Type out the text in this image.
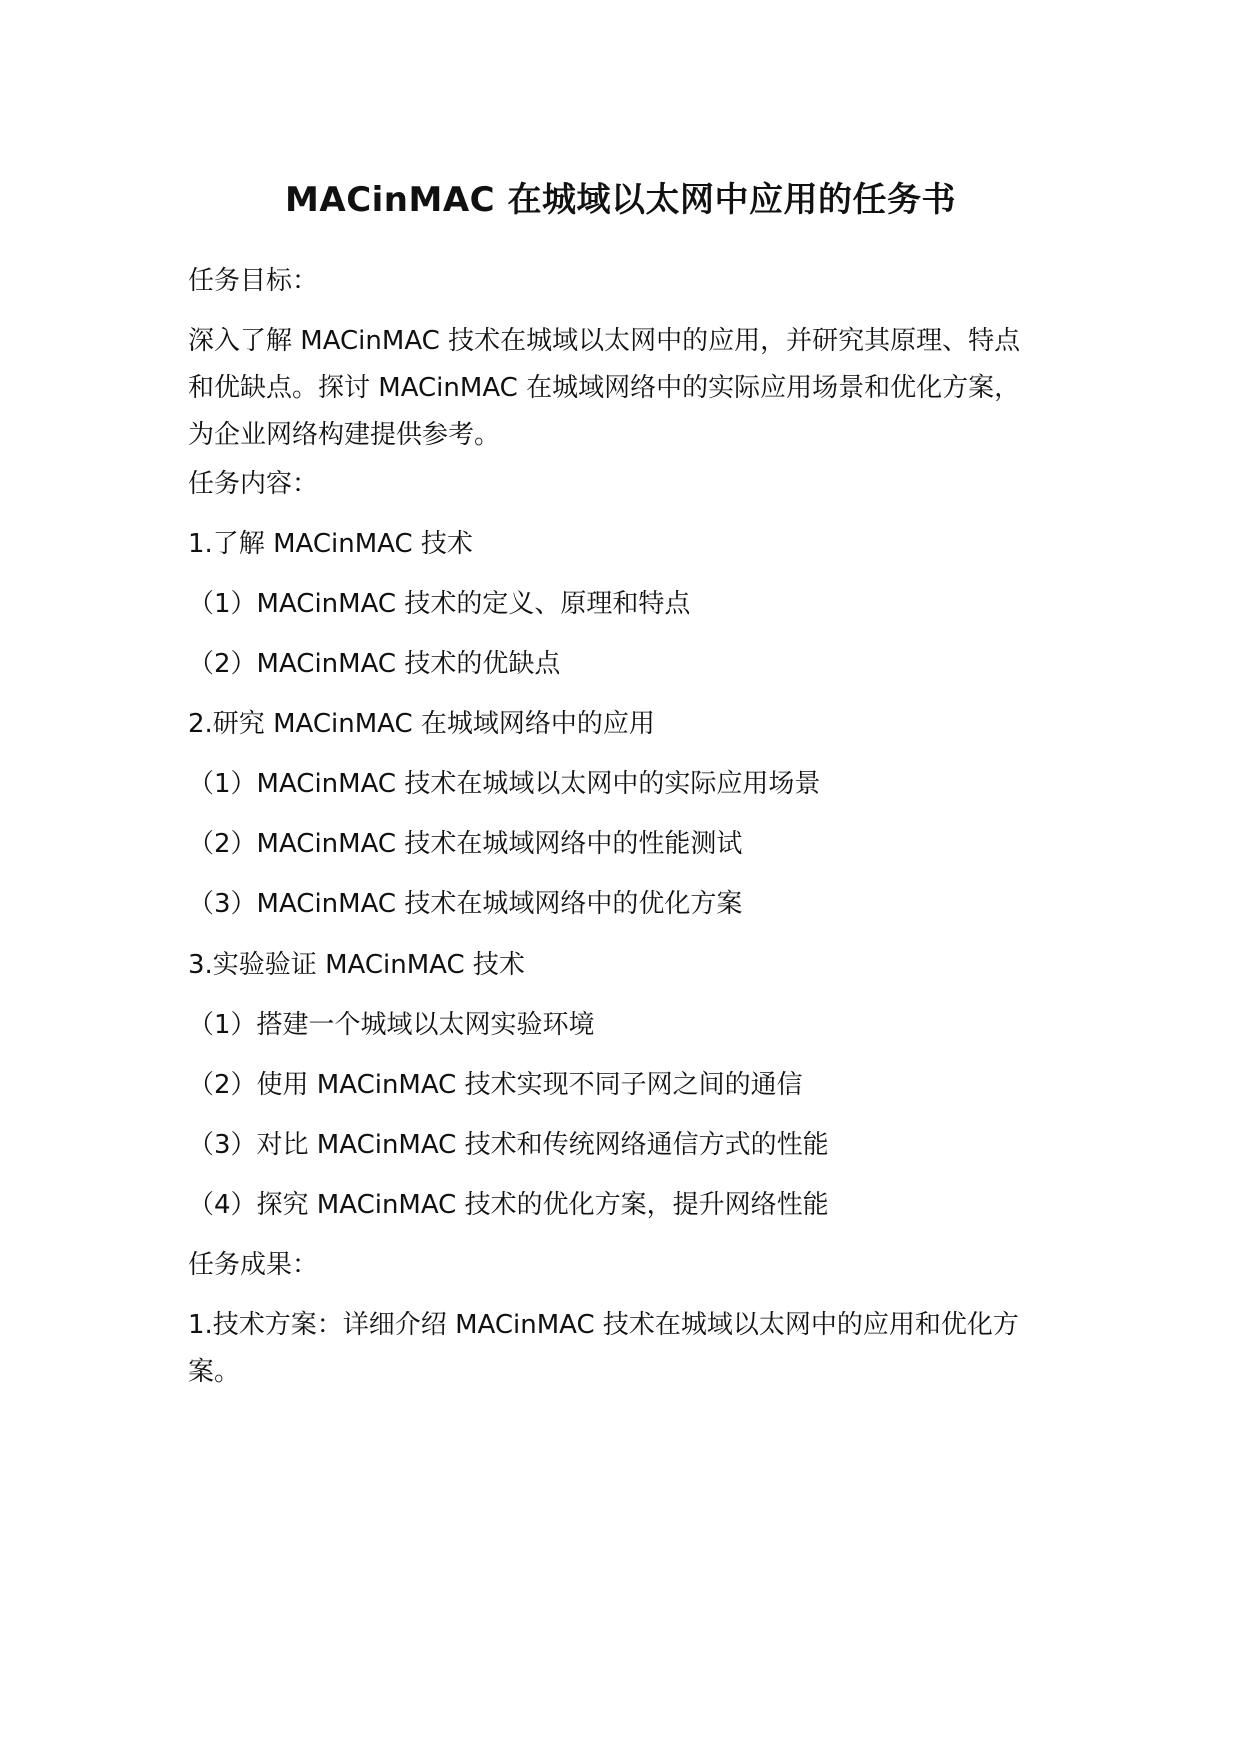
MACinMAC 在城域以太网中应用的任务书
任务目标：
深入了解 MACinMAC 技术在城域以太网中的应用，并研究其原理、特点
和优缺点。探讨 MACinMAC 在城域网络中的实际应用场景和优化方案，
为企业网络构建提供参考。
任务内容：
1.了解 MACinMAC 技术
（1）MACinMAC 技术的定义、原理和特点
（2）MACinMAC 技术的优缺点
2.研究 MACinMAC 在城域网络中的应用
（1）MACinMAC 技术在城域以太网中的实际应用场景
（2）MACinMAC 技术在城域网络中的性能测试
（3）MACinMAC 技术在城域网络中的优化方案
3.实验验证 MACinMAC 技术
（1）搭建一个城域以太网实验环境
（2）使用 MACinMAC 技术实现不同子网之间的通信
（3）对比 MACinMAC 技术和传统网络通信方式的性能
（4）探究 MACinMAC 技术的优化方案，提升网络性能
任务成果：
1.技术方案：详细介绍 MACinMAC 技术在城域以太网中的应用和优化方
案。
